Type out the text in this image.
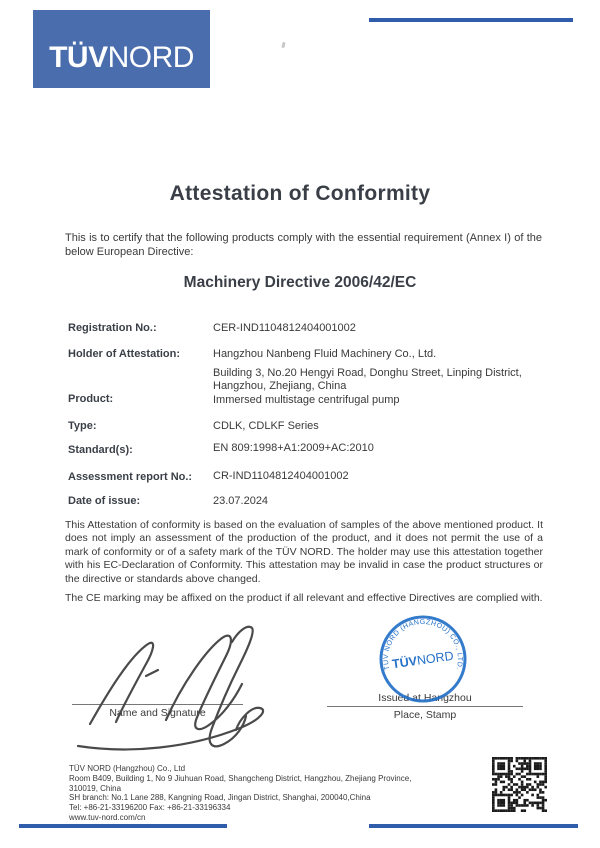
TÜVNORD
Attestation of Conformity
This is to certify that the following products comply with the essential requirement (Annex I) of the below European Directive:
Machinery Directive 2006/42/EC
Registration No.:	CER-IND1104812404001002
Holder of Attestation:	Hangzhou Nanbeng Fluid Machinery Co., Ltd.
Building 3, No.20 Hengyi Road, Donghu Street, Linping District,
Hangzhou, Zhejiang, China
Product:	Immersed multistage centrifugal pump
Type:	CDLK, CDLKF Series
Standard(s):	EN 809:1998+A1:2009+AC:2010
Assessment report No.: CR-IND1104812404001002
Date of issue:	23.07.2024
This Attestation of conformity is based on the evaluation of samples of the above mentioned product. It does not imply an assessment of the production of the product, and it does not permit the use of a mark of conformity or of a safety mark of the TÜV NORD. The holder may use this attestation together with his EC-Declaration of Conformity. This attestation may be invalid in case the product structures or the directive or standards above changed.
The CE marking may be affixed on the product if all relevant and effective Directives are complied with.
Name and Signature
Issued at Hangzhou
Place, Stamp
TÜV NORD (HANGZHOU) CO., LTD.
TÜVNORD
TÜV NORD (Hangzhou) Co., Ltd
Room B409, Building 1, No 9 Jiuhuan Road, Shangcheng District, Hangzhou, Zhejiang Province,
310019, China
SH branch: No.1 Lane 288, Kangning Road, Jingan District, Shanghai, 200040,China
Tel: +86-21-33196200 Fax: +86-21-33196334
www.tuv-nord.com/cn
